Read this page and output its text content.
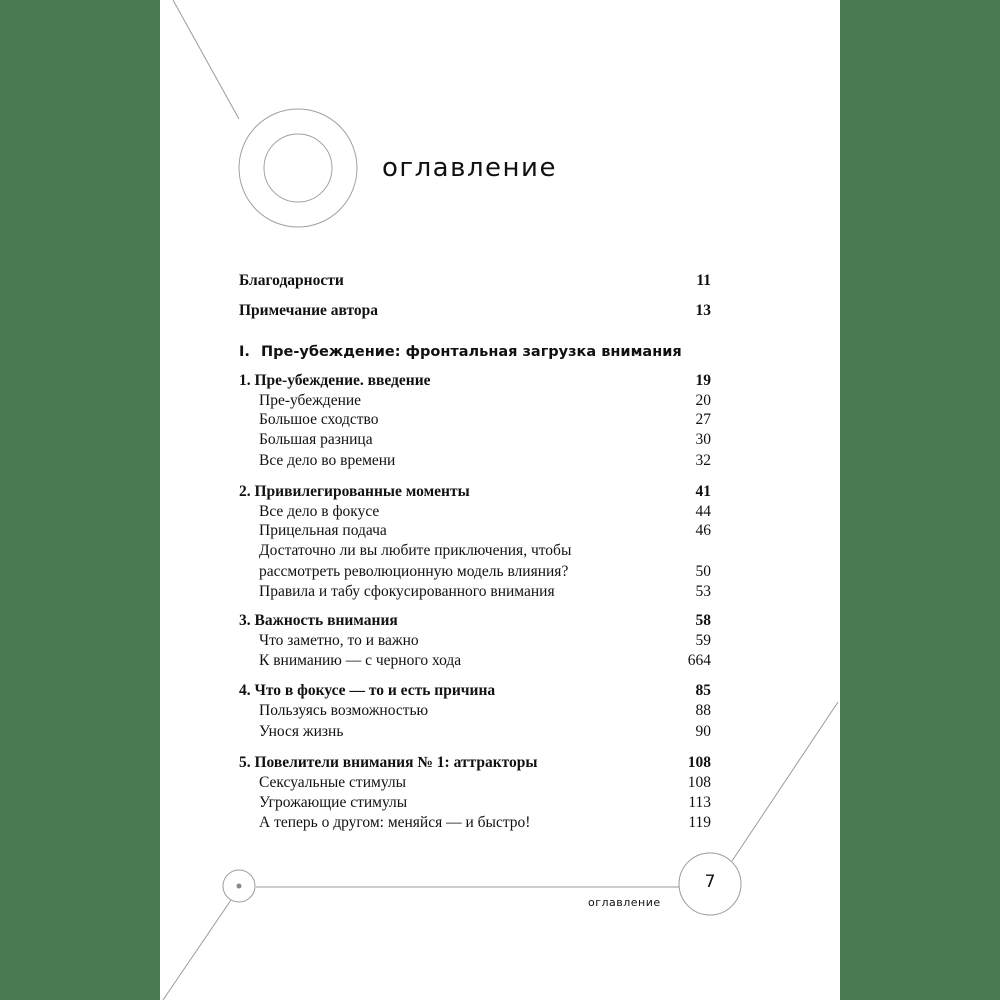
оглавление
Благодарности	11
Примечание автора	13
I. Пре-убеждение: фронтальная загрузка внимания
1. Пре-убеждение. введение	19
Пре-убеждение	20
Большое сходство	27
Большая разница	30
Все дело во времени	32
2. Привилегированные моменты	41
Все дело в фокусе	44
Прицельная подача	46
Достаточно ли вы любите приключения, чтобы
рассмотреть революционную модель влияния?	50
Правила и табу сфокусированного внимания	53
3. Важность внимания	58
Что заметно, то и важно	59
К вниманию — с черного хода	664
4. Что в фокусе — то и есть причина	85
Пользуясь возможностью	88
Унося жизнь	90
5. Повелители внимания № 1: аттракторы	108
Сексуальные стимулы	108
Угрожающие стимулы	113
А теперь о другом: меняйся — и быстро!	119
7
оглавление
